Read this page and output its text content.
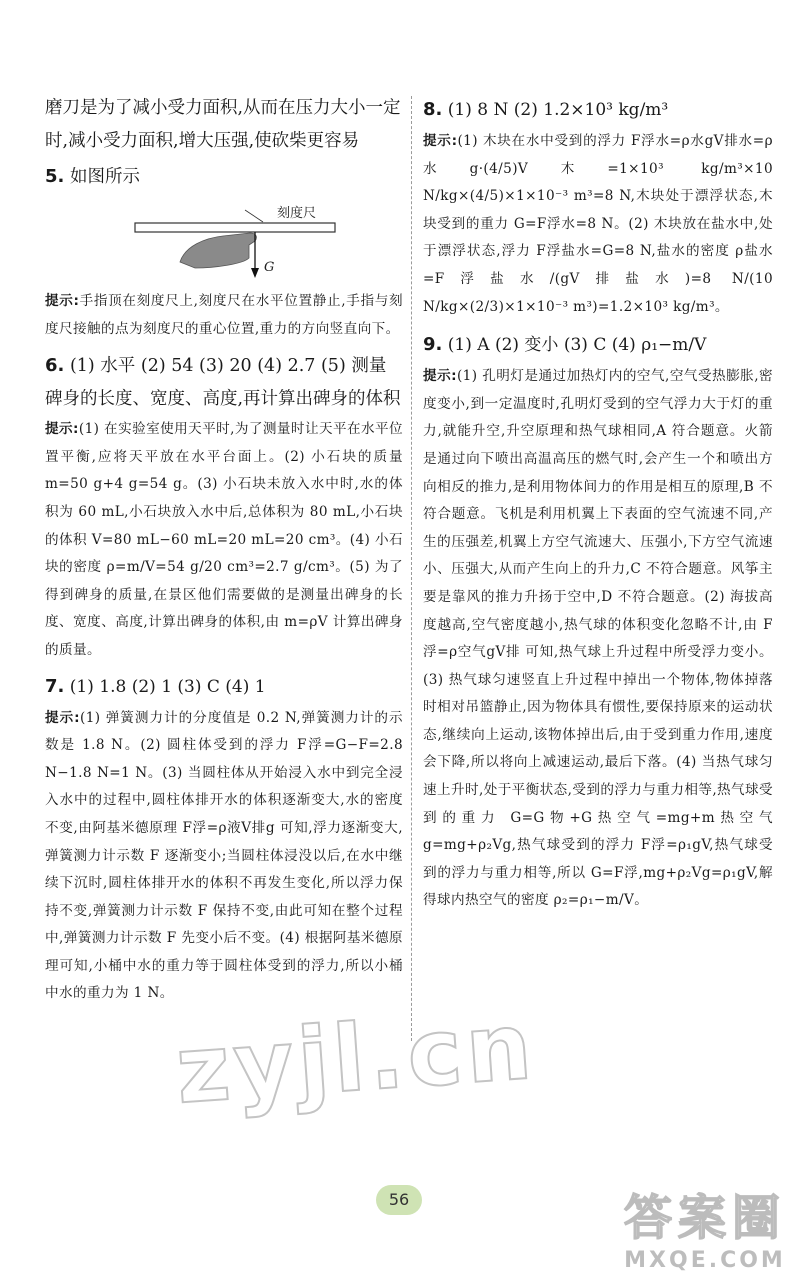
磨刀是为了减小受力面积,从而在压力大小一定时,减小受力面积,增大压强,使砍柴更容易

5. 如图所示

刻度尺
G

提示:手指顶在刻度尺上,刻度尺在水平位置静止,手指与刻度尺接触的点为刻度尺的重心位置,重力的方向竖直向下。

6. (1) 水平 (2) 54 (3) 20 (4) 2.7 (5) 测量碑身的长度、宽度、高度,再计算出碑身的体积

提示:(1) 在实验室使用天平时,为了测量时让天平在水平位置平衡,应将天平放在水平台面上。(2) 小石块的质量 m=50 g+4 g=54 g。(3) 小石块未放入水中时,水的体积为 60 mL,小石块放入水中后,总体积为 80 mL,小石块的体积 V=80 mL−60 mL=20 mL=20 cm³。(4) 小石块的密度 ρ=m/V=54 g/20 cm³=2.7 g/cm³。(5) 为了得到碑身的质量,在景区他们需要做的是测量出碑身的长度、宽度、高度,计算出碑身的体积,由 m=ρV 计算出碑身的质量。

7. (1) 1.8 (2) 1 (3) C (4) 1

提示:(1) 弹簧测力计的分度值是 0.2 N,弹簧测力计的示数是 1.8 N。(2) 圆柱体受到的浮力 F浮=G−F=2.8 N−1.8 N=1 N。(3) 当圆柱体从开始浸入水中到完全浸入水中的过程中,圆柱体排开水的体积逐渐变大,水的密度不变,由阿基米德原理 F浮=ρ液V排g 可知,浮力逐渐变大,弹簧测力计示数 F 逐渐变小;当圆柱体浸没以后,在水中继续下沉时,圆柱体排开水的体积不再发生变化,所以浮力保持不变,弹簧测力计示数 F 保持不变,由此可知在整个过程中,弹簧测力计示数 F 先变小后不变。(4) 根据阿基米德原理可知,小桶中水的重力等于圆柱体受到的浮力,所以小桶中水的重力为 1 N。

8. (1) 8 N (2) 1.2×10³ kg/m³

提示:(1) 木块在水中受到的浮力 F浮水=ρ水gV排水=ρ水g·(4/5)V木=1×10³ kg/m³×10 N/kg×(4/5)×1×10⁻³ m³=8 N,木块处于漂浮状态,木块受到的重力 G=F浮水=8 N。(2) 木块放在盐水中,处于漂浮状态,浮力 F浮盐水=G=8 N,盐水的密度 ρ盐水=F浮盐水/(gV排盐水)=8 N/(10 N/kg×(2/3)×1×10⁻³ m³)=1.2×10³ kg/m³。

9. (1) A (2) 变小 (3) C (4) ρ₁−m/V

提示:(1) 孔明灯是通过加热灯内的空气,空气受热膨胀,密度变小,到一定温度时,孔明灯受到的空气浮力大于灯的重力,就能升空,升空原理和热气球相同,A 符合题意。火箭是通过向下喷出高温高压的燃气时,会产生一个和喷出方向相反的推力,是利用物体间力的作用是相互的原理,B 不符合题意。飞机是利用机翼上下表面的空气流速不同,产生的压强差,机翼上方空气流速大、压强小,下方空气流速小、压强大,从而产生向上的升力,C 不符合题意。风筝主要是靠风的推力升扬于空中,D 不符合题意。(2) 海拔高度越高,空气密度越小,热气球的体积变化忽略不计,由 F浮=ρ空气gV排 可知,热气球上升过程中所受浮力变小。(3) 热气球匀速竖直上升过程中掉出一个物体,物体掉落时相对吊篮静止,因为物体具有惯性,要保持原来的运动状态,继续向上运动,该物体掉出后,由于受到重力作用,速度会下降,所以将向上减速运动,最后下落。(4) 当热气球匀速上升时,处于平衡状态,受到的浮力与重力相等,热气球受到的重力 G=G物+G热空气=mg+m热空气g=mg+ρ₂Vg,热气球受到的浮力 F浮=ρ₁gV,热气球受到的浮力与重力相等,所以 G=F浮,mg+ρ₂Vg=ρ₁gV,解得球内热空气的密度 ρ₂=ρ₁−m/V。

zyjl.cn
56	答案圈
MXQE.COM
